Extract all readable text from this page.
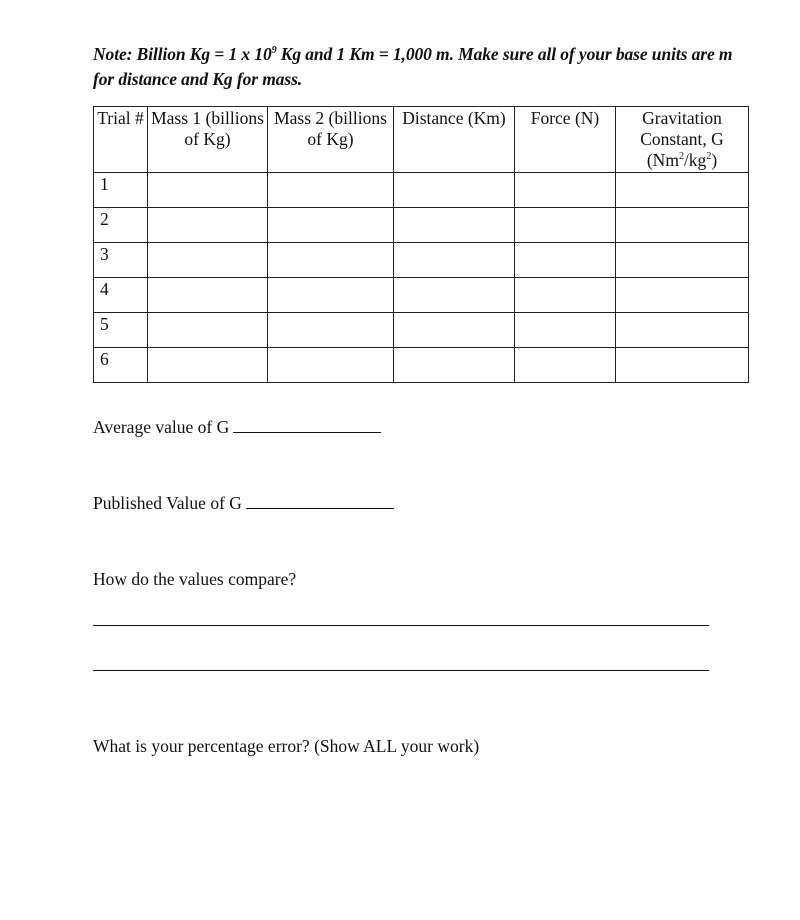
Note: Billion Kg = 1 x $10^9$ Kg and 1 Km = 1,000 m. Make sure all of your base units are m for distance and Kg for mass.
Trial #	Mass 1 (billions of Kg)	Mass 2 (billions of Kg)	Distance (Km)	Force (N)	Gravitation Constant, G $(Nm^2/kg^2)$
1					
2					
3					
4					
5					
6					
Average value of G
Published Value of G
How do the values compare?
What is your percentage error? (Show ALL your work)
